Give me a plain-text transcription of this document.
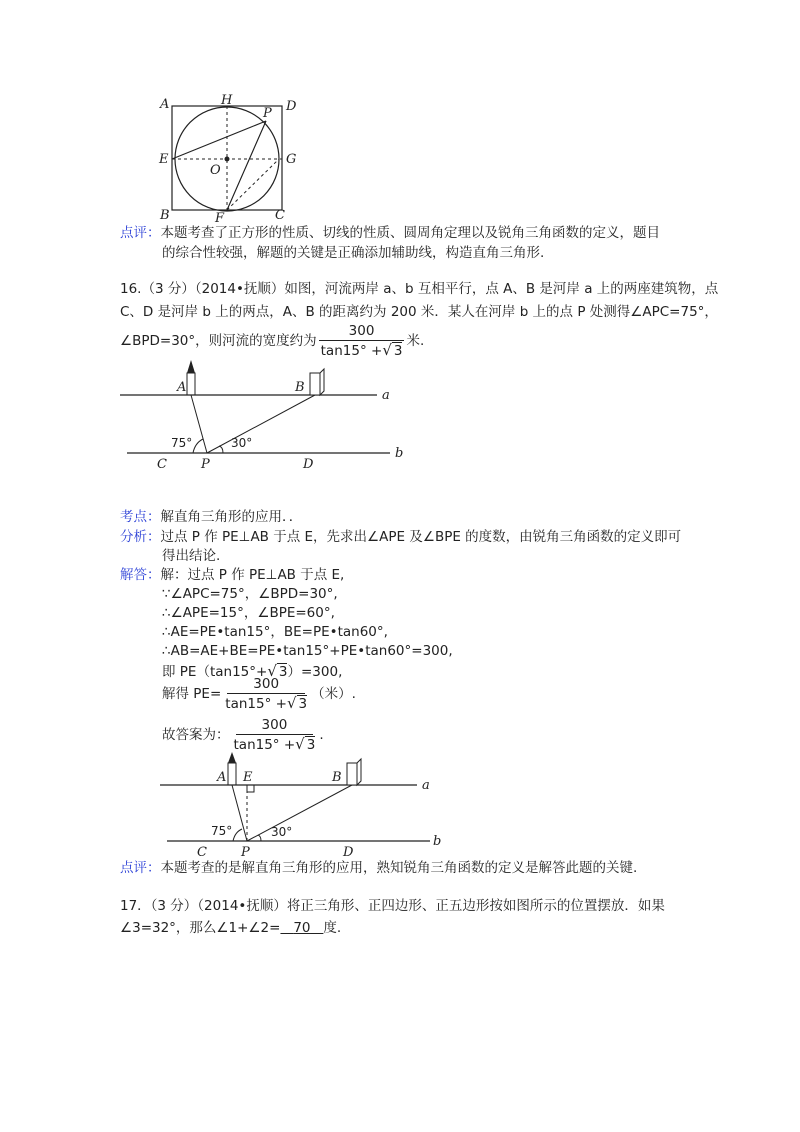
A	H	D
P
E
O
G
B	F	C
点评：本题考查了正方形的性质、切线的性质、圆周角定理以及锐角三角函数的定义，题目
的综合性较强，解题的关键是正确添加辅助线，构造直角三角形.
16.（3 分）（2014•抚顺）如图，河流两岸 a、b 互相平行，点 A、B 是河岸 a 上的两座建筑物，点
C、D 是河岸 b 上的两点，A、B 的距离约为 200 米．某人在河岸 b 上的点 P 处测得∠APC=75°，
∠BPD=30°，则河流的宽度约为 $\frac{300}{\tan 15^\circ +√ 3}$ 米.
A	B
a
b
75°	30°
C	P	D
考点：解直角三角形的应用．．
分析：过点 P 作 PE⊥AB 于点 E，先求出∠APE 及∠BPE 的度数，由锐角三角函数的定义即可
得出结论.
解答：解：过点 P 作 PE⊥AB 于点 E,
∵∠APC=75°，∠BPD=30°,
∴∠APE=15°，∠BPE=60°,
∴AE=PE•tan15°，BE=PE•tan60°,
∴AB=AE+BE=PE•tan15°+PE•tan60°=300,
即 PE（tan15°+√ 3）=300,
解得 $PE= \frac{300}{\tan 15^\circ +√ 3}$ （米）.
故答案为： $\frac{300}{\tan 15^\circ +√ 3}$ .
A E	B
a
b
75°	30°
C	P	D
点评：本题考查的是解直角三角形的应用，熟知锐角三角函数的定义是解答此题的关键.
17．（3 分）（2014•抚顺）将正三角形、正四边形、正五边形按如图所示的位置摆放．如果
∠3=32°，那么∠1+∠2= 70 度.
